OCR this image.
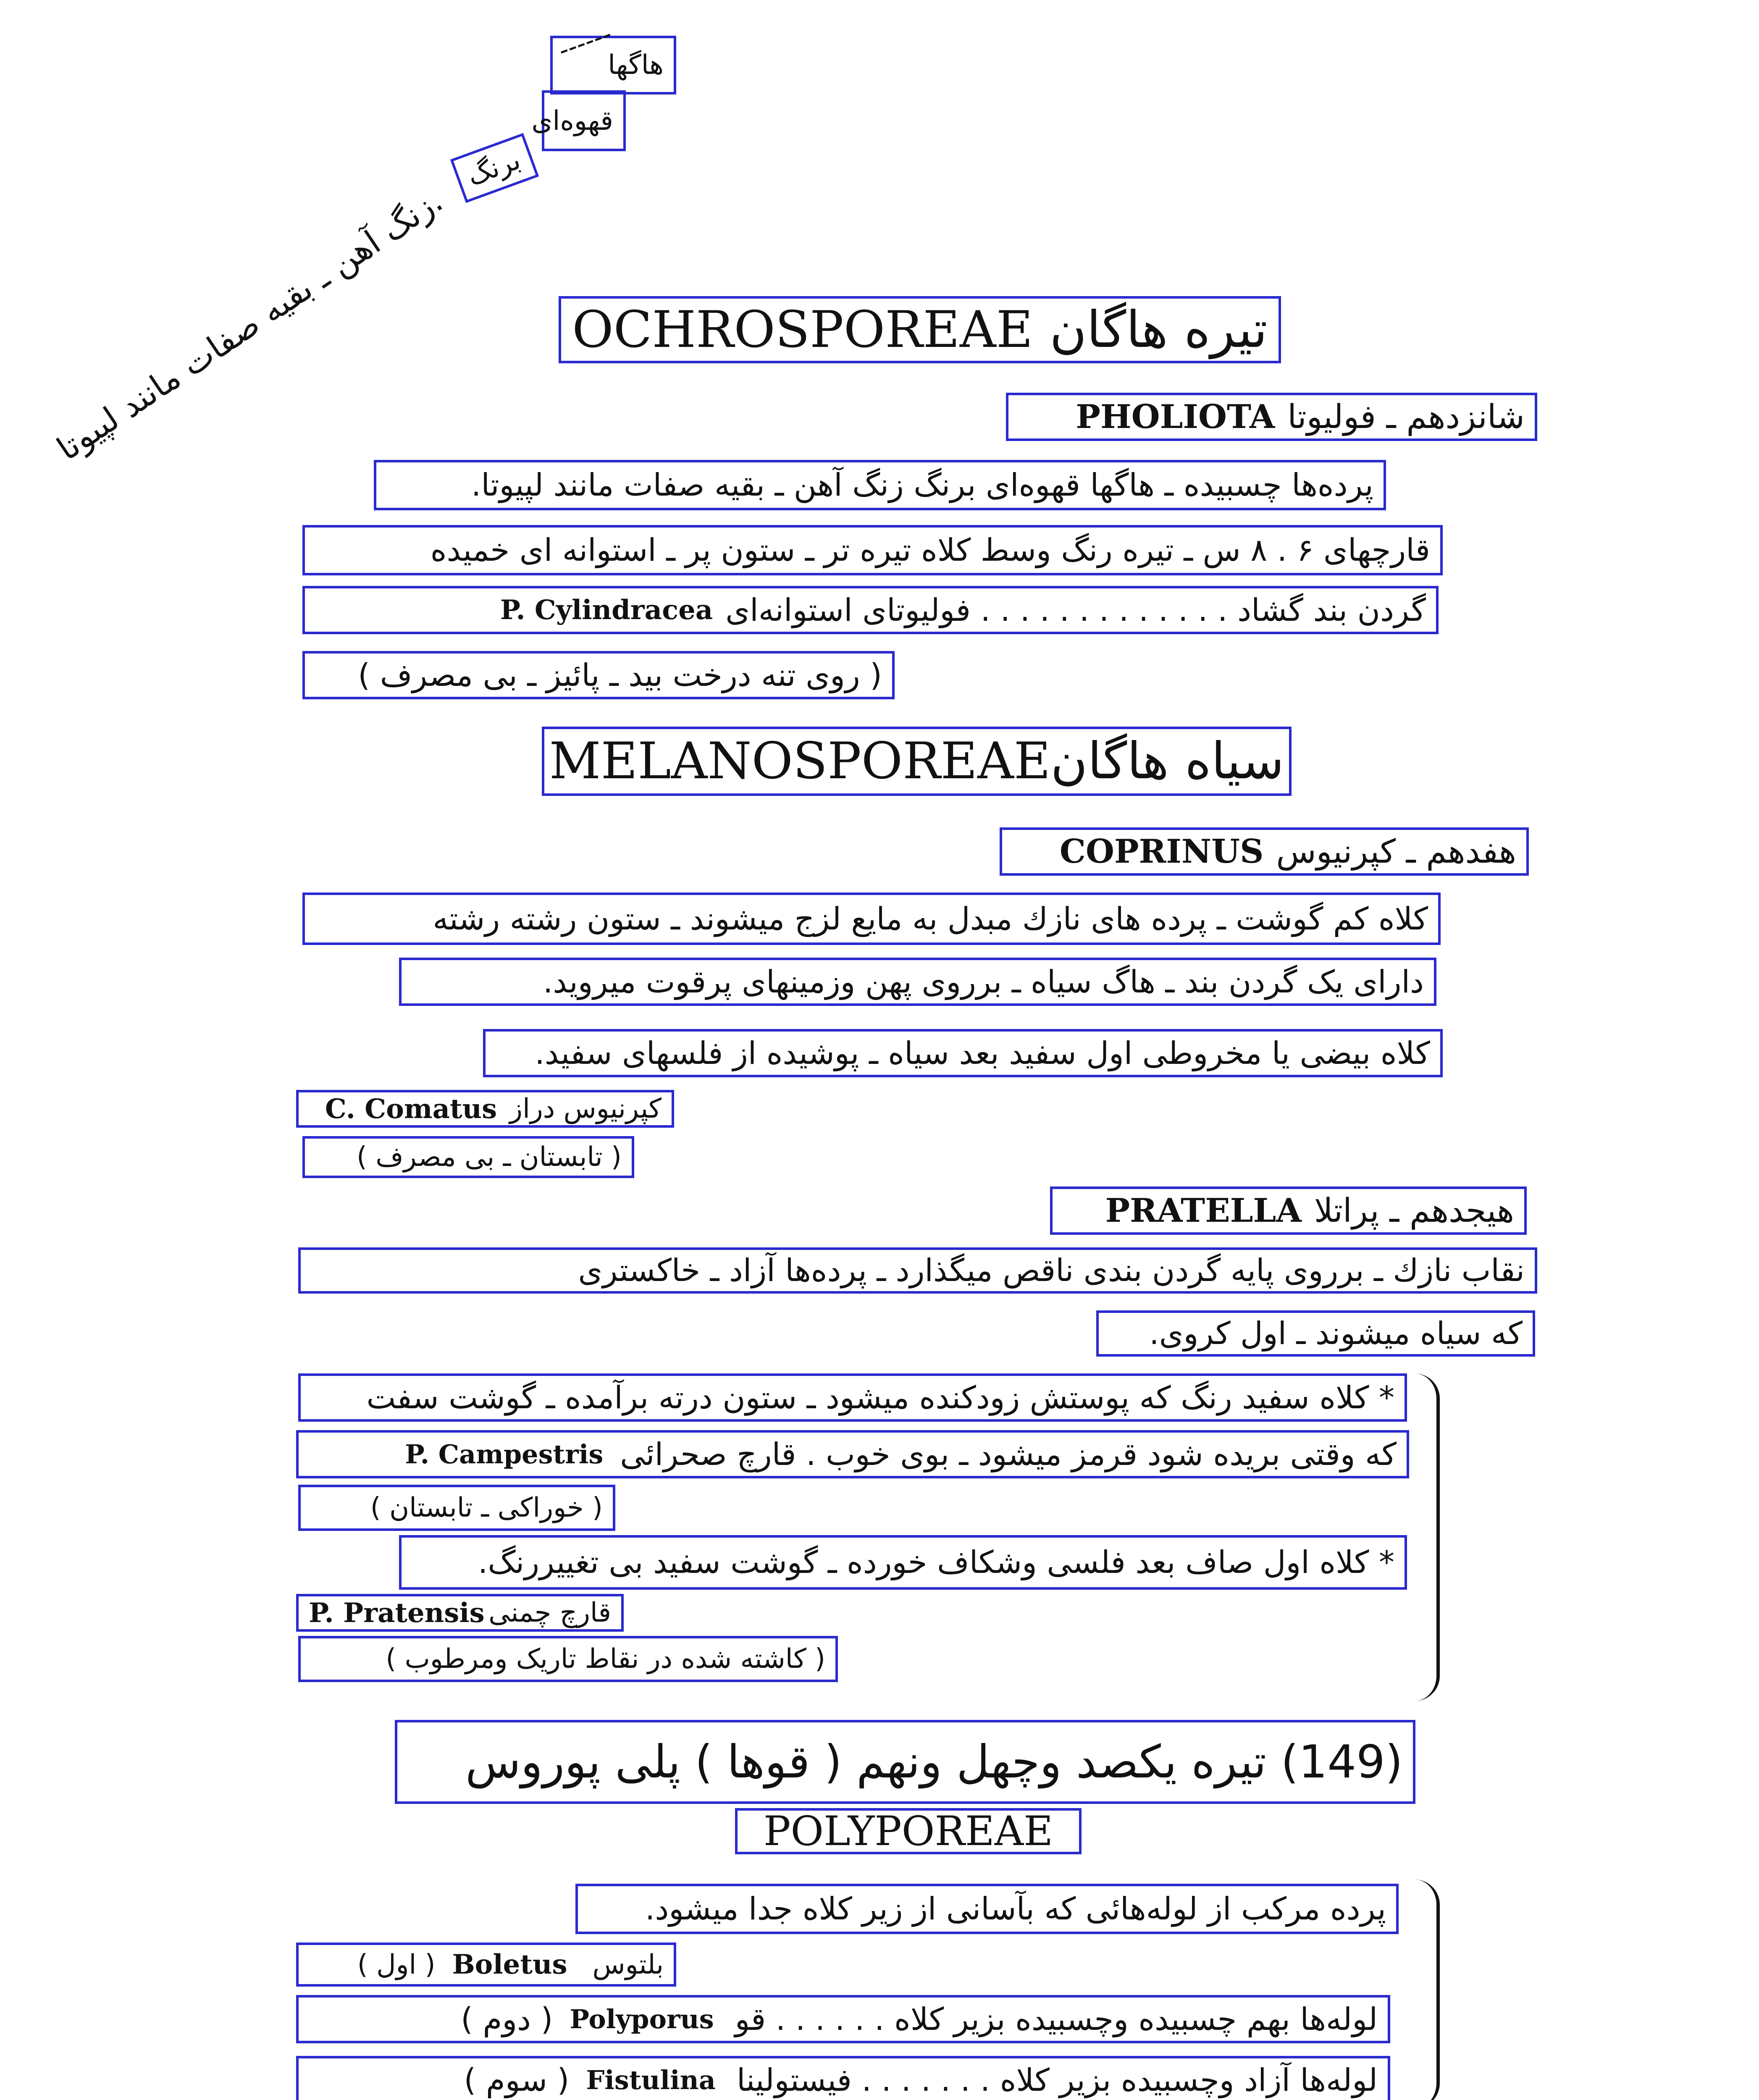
زنگ آهن ـ بقیه صفات مانند لپیوتا.
برنگ
قهوه‌ای
هاگها
------
OCHROSPOREAE تیره هاگان
شانزدهم ـ فولیوتا
PHOLIOTA
پرده‌ها چسبیده ـ هاگها قهوه‌ای برنگ زنگ آهن ـ بقیه صفات مانند لپیوتا.
قارچهای ۶ . ۸ س ـ تیره رنگ وسط کلاه تیره تر ـ ستون پر ـ استوانه ای خمیده
گردن بند گشاد . . . . . . . . . . . . . فولیوتای استوانه‌ای
P. Cylindracea
( روی تنه درخت بید ـ پائیز ـ بی مصرف )
MELANOSPOREAE سیاه هاگان
هفدهم ـ کپرنیوس
COPRINUS
کلاه کم گوشت ـ پرده های نازك مبدل به مایع لزج میشوند ـ ستون رشته رشته
دارای یک گردن بند ـ هاگ سیاه ـ برروی پهن وزمینهای پرقوت میروید.
کلاه بیضی یا مخروطی اول سفید بعد سیاه ـ پوشیده از فلسهای سفید.
کپرنیوس دراز
C. Comatus
( تابستان ـ بی مصرف )
هیجدهم ـ پراتلا
PRATELLA
نقاب نازك ـ برروی پایه گردن بندی ناقص میگذارد ـ پرده‌ها آزاد ـ خاکستری
که سیاه میشوند ـ اول کروی.
* کلاه سفید رنگ که پوستش زودکنده میشود ـ ستون درته برآمده ـ گوشت سفت
که وقتی بریده شود قرمز میشود ـ بوی خوب . قارچ صحرائی
P. Campestris
( خوراکی ـ تابستان )
* کلاه اول صاف بعد فلسی وشکاف خورده ـ گوشت سفید بی تغییررنگ.
قارچ چمنی
P. Pratensis
( کاشته شده در نقاط تاریک ومرطوب )
(149) تیره یکصد وچهل ونهم ( قوها ) پلی پوروس
POLYPOREAE
پرده مرکب از لوله‌هائی که بآسانی از زیر کلاه جدا میشود.
بلتوس
Boletus
( اول )
لوله‌ها بهم چسبیده وچسبیده بزیر کلاه . . . . . . قو
Polyporus
( دوم )
لوله‌ها آزاد وچسبیده بزیر کلاه . . . . . . . فیستولینا
Fistulina
( سوم )
